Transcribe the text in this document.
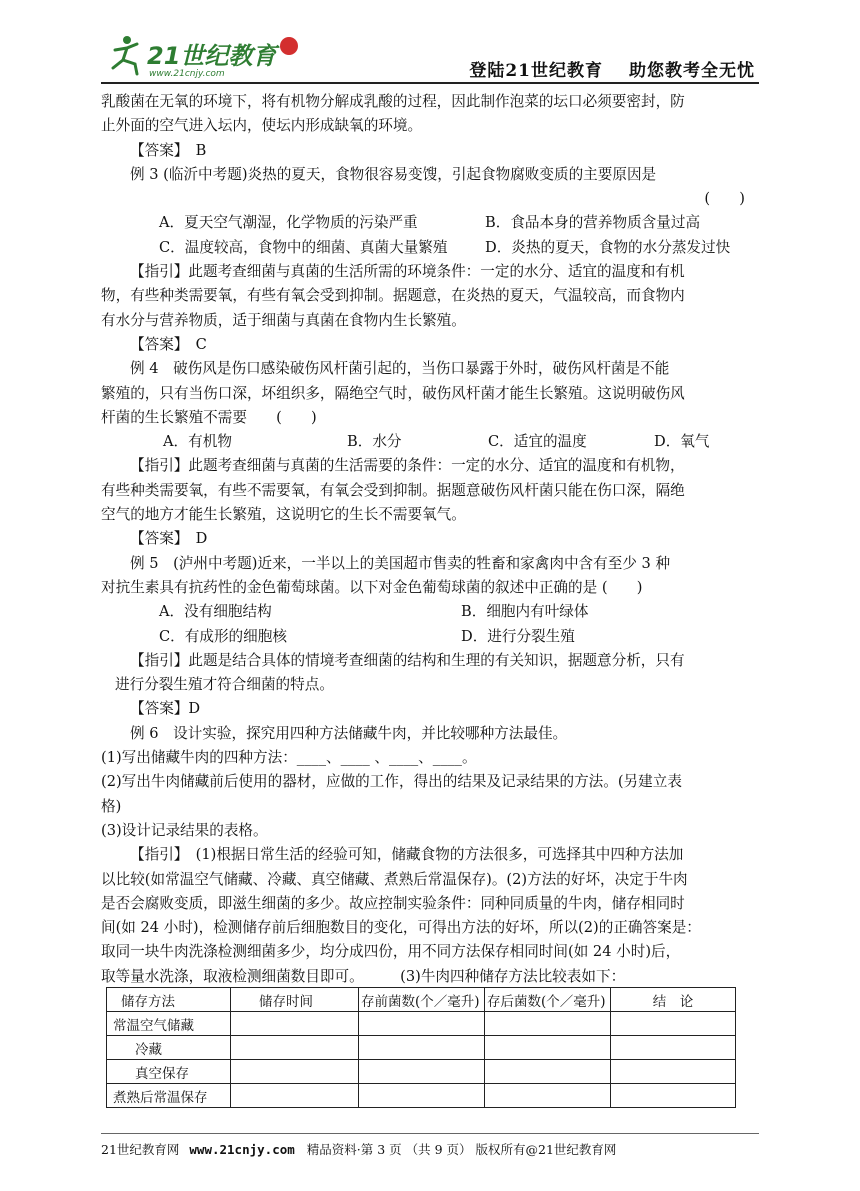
21世纪教育
www.21cnjy.com	登陆21世纪教育 助您教考全无忧
乳酸菌在无氧的环境下，将有机物分解成乳酸的过程，因此制作泡菜的坛口必须要密封，防
止外面的空气进入坛内，使坛内形成缺氧的环境。
【答案】　B
例 3 (临沂中考题)炎热的夏天，食物很容易变馊，引起食物腐败变质的主要原因是
(　　)
A．夏天空气潮湿，化学物质的污染严重	B．食品本身的营养物质含量过高
C．温度较高，食物中的细菌、真菌大量繁殖	D．炎热的夏天，食物的水分蒸发过快
【指引】此题考查细菌与真菌的生活所需的环境条件：一定的水分、适宜的温度和有机
物，有些种类需要氧，有些有氧会受到抑制。据题意，在炎热的夏天，气温较高，而食物内
有水分与营养物质，适于细菌与真菌在食物内生长繁殖。
【答案】　C
例 4　破伤风是伤口感染破伤风杆菌引起的，当伤口暴露于外时，破伤风杆菌是不能
繁殖的，只有当伤口深，坏组织多，隔绝空气时，破伤风杆菌才能生长繁殖。这说明破伤风
杆菌的生长繁殖不需要　　(　　)
A．有机物	B．水分	C．适宜的温度	D．氧气
【指引】此题考查细菌与真菌的生活需要的条件：一定的水分、适宜的温度和有机物，
有些种类需要氧，有些不需要氧，有氧会受到抑制。据题意破伤风杆菌只能在伤口深，隔绝
空气的地方才能生长繁殖，这说明它的生长不需要氧气。
【答案】　D
例 5　(泸州中考题)近来，一半以上的美国超市售卖的牲畜和家禽肉中含有至少 3 种
对抗生素具有抗药性的金色葡萄球菌。以下对金色葡萄球菌的叙述中正确的是 (　　)
A．没有细胞结构	B．细胞内有叶绿体
C．有成形的细胞核	D．进行分裂生殖
【指引】此题是结合具体的情境考查细菌的结构和生理的有关知识，据题意分析，只有
进行分裂生殖才符合细菌的特点。
【答案】D
例 6　设计实验，探究用四种方法储藏牛肉，并比较哪种方法最佳。
(1)写出储藏牛肉的四种方法：____、____ 、____、____。
(2)写出牛肉储藏前后使用的器材，应做的工作，得出的结果及记录结果的方法。(另建立表
格)
(3)设计记录结果的表格。
【指引】　(1)根据日常生活的经验可知，储藏食物的方法很多，可选择其中四种方法加
以比较(如常温空气储藏、冷藏、真空储藏、煮熟后常温保存)。(2)方法的好坏，决定于牛肉
是否会腐败变质，即滋生细菌的多少。故应控制实验条件：同种同质量的牛肉，储存相同时
间(如 24 小时)，检测储存前后细胞数目的变化，可得出方法的好坏，所以(2)的正确答案是：
取同一块牛肉洗涤检测细菌多少，均分成四份，用不同方法保存相同时间(如 24 小时)后，
取等量水洗涤，取液检测细菌数目即可。　　　(3)牛肉四种储存方法比较表如下：
储存方法	储存时间	存前菌数(个／毫升)	存后菌数(个／毫升)	结　论
常温空气储藏				
冷藏				
真空保存				
煮熟后常温保存				
21世纪教育网 www.21cnjy.com 精品资料·第 3 页 （共 9 页） 版权所有@21世纪教育网
